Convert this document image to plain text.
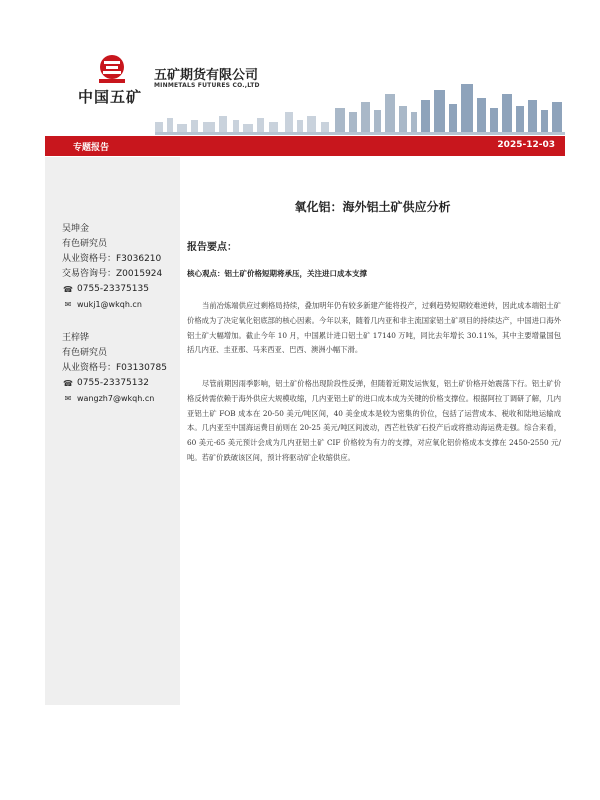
中国五矿
五矿期货有限公司
MINMETALS FUTURES CO.,LTD
专题报告	2025-12-03
吴坤金
有色研究员
从业资格号：F3036210
交易咨询号：Z0015924
☎ 0755-23375135
✉ wukj1@wkqh.cn
王梓铧
有色研究员
从业资格号：F03130785
☎ 0755-23375132
✉ wangzh7@wkqh.cn
氧化铝：海外铝土矿供应分析
报告要点：
核心观点：铝土矿价格短期将承压，关注进口成本支撑

当前冶炼端供应过剩格局持续，叠加明年仍有较多新建产能将投产，过剩趋势短期较难逆转，因此成本端铝土矿价格成为了决定氧化铝底部的核心因素。今年以来，随着几内亚和非主流国家铝土矿项目的持续达产，中国进口海外铝土矿大幅增加。截止今年 10 月，中国累计进口铝土矿 17140 万吨，同比去年增长 30.11%，其中主要增量国包括几内亚、圭亚那、马来西亚、巴西、澳洲小幅下滑。

尽管前期因雨季影响，铝土矿价格出现阶段性反弹，但随着近期发运恢复，铝土矿价格开始震荡下行。铝土矿价格反转需依赖于海外供应大规模收缩，几内亚铝土矿的进口成本成为关键的价格支撑位。根据阿拉丁调研了解，几内亚铝土矿 FOB 成本在 20-50 美元/吨区间，40 美金成本是较为密集的价位，包括了运营成本、税收和陆地运输成本。几内亚至中国海运费目前则在 20-25 美元/吨区间波动，西芒杜铁矿石投产后或将推动海运费走强。综合来看，60 美元-65 美元预计会成为几内亚铝土矿 CIF 价格较为有力的支撑，对应氧化铝价格成本支撑在 2450-2550 元/吨。若矿价跌破该区间，预计将驱动矿企收缩供应。
